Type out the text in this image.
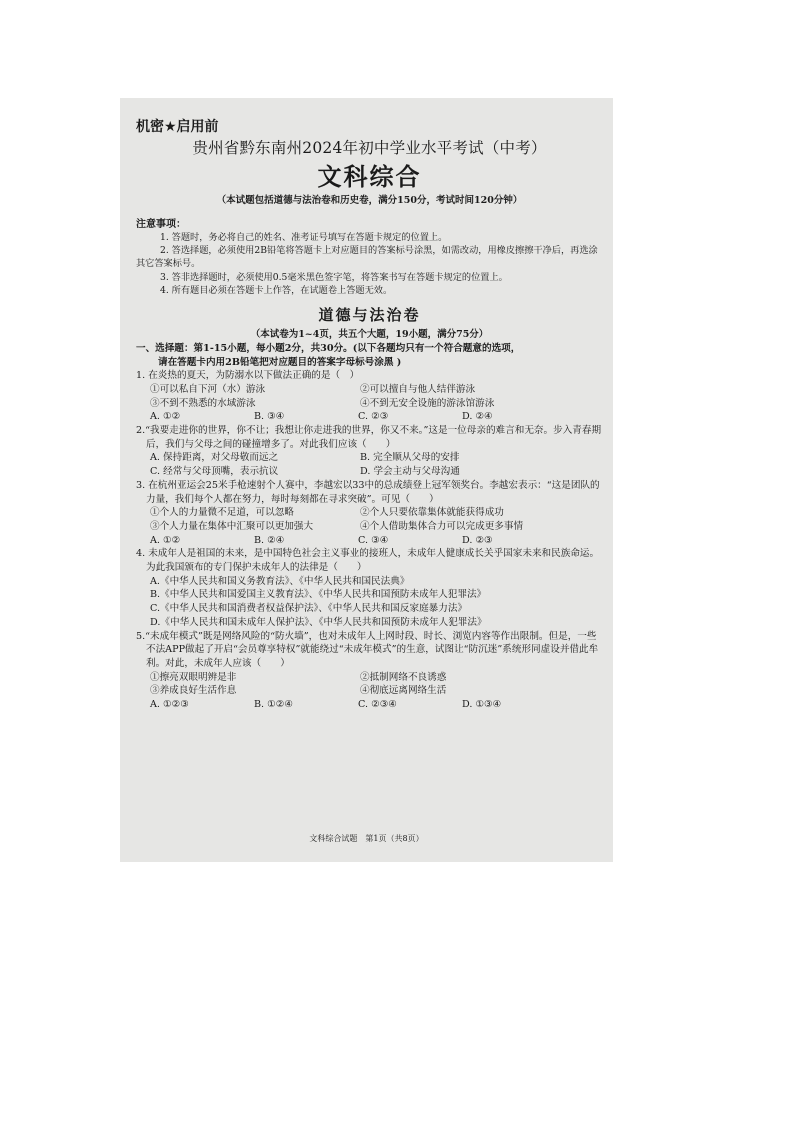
机密★启用前

贵州省黔东南州2024年初中学业水平考试（中考）

文科综合

（本试题包括道德与法治卷和历史卷，满分150分，考试时间120分钟）

注意事项：

1. 答题时，务必将自己的姓名、准考证号填写在答题卡规定的位置上。
2. 答选择题，必须使用2B铅笔将答题卡上对应题目的答案标号涂黑，如需改动，用橡皮擦擦干净后，再选涂其它答案标号。
3. 答非选择题时，必须使用0.5毫米黑色签字笔，将答案书写在答题卡规定的位置上。
4. 所有题目必须在答题卡上作答，在试题卷上答题无效。

道德与法治卷

（本试卷为1~4页，共五个大题，19小题，满分75分）

一、选择题：第1-15小题，每小题2分，共30分。(以下各题均只有一个符合题意的选项，
请在答题卡内用2B铅笔把对应题目的答案字母标号涂黑 )

1. 在炎热的夏天，为防溺水以下做法正确的是（　）

①可以私自下河（水）游泳	②可以擅自与他人结伴游泳
③不到不熟悉的水域游泳	④不到无安全设施的游泳馆游泳
A. ①②	B. ③④	C. ②③	D. ②④

2.“我要走进你的世界，你不让；我想让你走进我的世界，你又不来。”这是一位母亲的难言和无奈。步入青春期后，我们与父母之间的碰撞增多了。对此我们应该（　　）

A. 保持距离，对父母敬而远之	B. 完全顺从父母的安排
C. 经常与父母顶嘴，表示抗议	D. 学会主动与父母沟通

3. 在杭州亚运会25米手枪速射个人赛中，李越宏以33中的总成绩登上冠军领奖台。李越宏表示：“这是团队的力量，我们每个人都在努力，每时每刻都在寻求突破”。可见（　　）

①个人的力量微不足道，可以忽略	②个人只要依靠集体就能获得成功
③个人力量在集体中汇聚可以更加强大	④个人借助集体合力可以完成更多事情
A. ①②	B. ②④	C. ③④	D. ②③

4. 未成年人是祖国的未来，是中国特色社会主义事业的接班人，未成年人健康成长关乎国家未来和民族命运。为此我国颁布的专门保护未成年人的法律是（　　）

A.《中华人民共和国义务教育法》、《中华人民共和国民法典》
B.《中华人民共和国爱国主义教育法》、《中华人民共和国预防未成年人犯罪法》
C.《中华人民共和国消费者权益保护法》、《中华人民共和国反家庭暴力法》
D.《中华人民共和国未成年人保护法》、《中华人民共和国预防未成年人犯罪法》

5.“未成年模式”既是网络风险的“防火墙”，也对未成年人上网时段、时长、浏览内容等作出限制。但是，一些不法APP做起了开启“会员尊享特权”就能绕过“未成年模式”的生意，试图让“防沉迷”系统形同虚设并借此牟利。对此，未成年人应该（　　）

①擦亮双眼明辨是非	②抵制网络不良诱惑
③养成良好生活作息	④彻底远离网络生活
A. ①②③	B. ①②④	C. ②③④	D. ①③④
文科综合试题　第1页（共8页）
